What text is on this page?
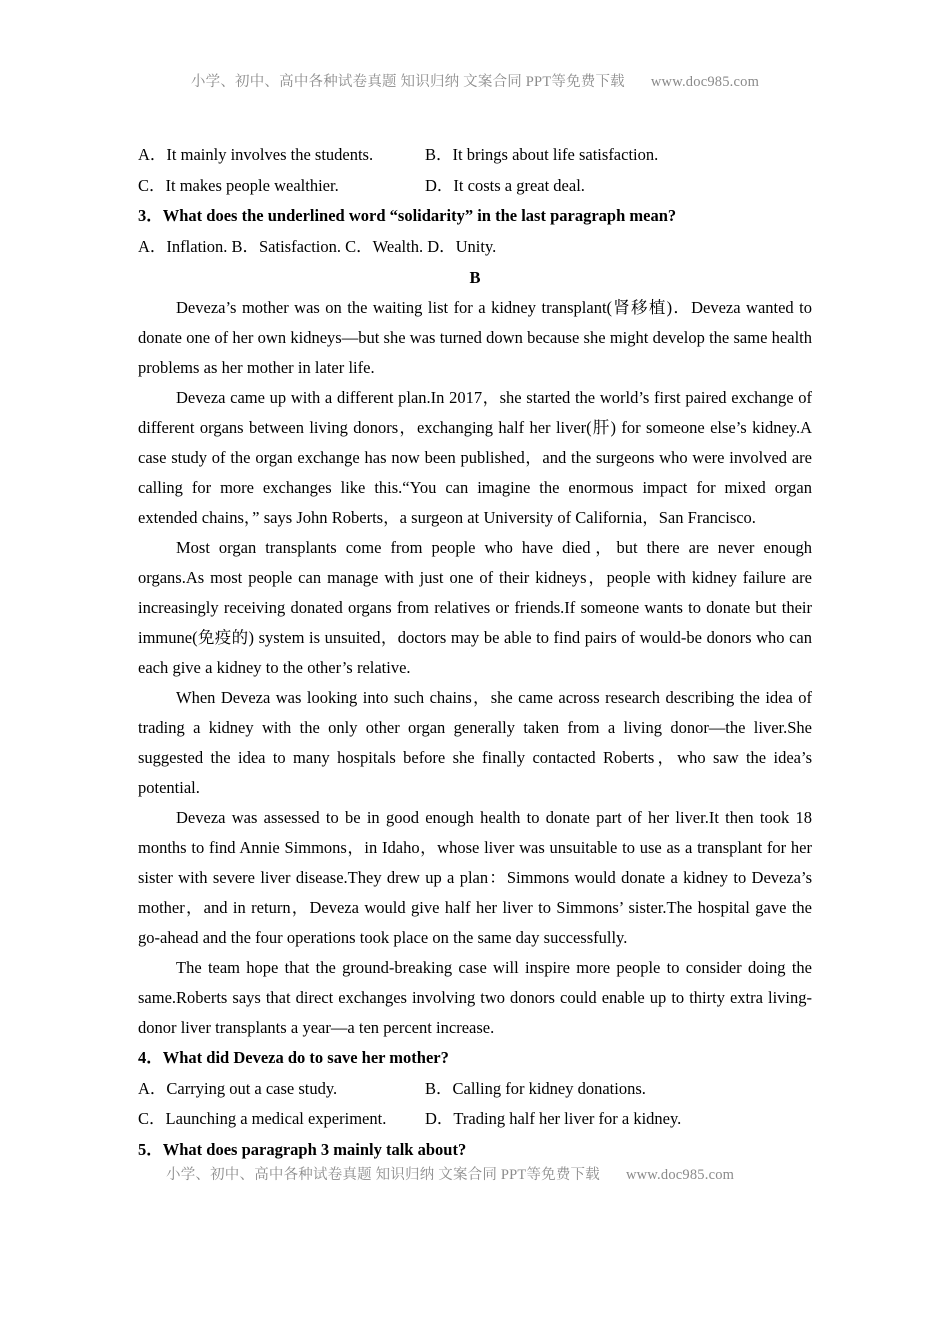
小学、初中、高中各种试卷真题 知识归纳 文案合同 PPT等免费下载 www.doc985.com
A．It mainly involves the students.	B．It brings about life satisfaction.
C．It makes people wealthier.	D．It costs a great deal.
3．What does the underlined word “solidarity” in the last paragraph mean?
A．Inflation. B．Satisfaction. C．Wealth. D．Unity.
B

Deveza’s mother was on the waiting list for a kidney transplant(肾移植)．Deveza wanted to donate one of her own kidneys—but she was turned down because she might develop the same health problems as her mother in later life.

Deveza came up with a different plan.In 2017，she started the world’s first paired exchange of different organs between living donors，exchanging half her liver(肝) for someone else’s kidney.A case study of the organ exchange has now been published，and the surgeons who were involved are calling for more exchanges like this.“You can imagine the enormous impact for mixed organ extended chains，” says John Roberts，a surgeon at University of California，San Francisco.

Most organ transplants come from people who have died，but there are never enough organs.As most people can manage with just one of their kidneys，people with kidney failure are increasingly receiving donated organs from relatives or friends.If someone wants to donate but their immune(免疫的) system is unsuited，doctors may be able to find pairs of would-be donors who can each give a kidney to the other’s relative.

When Deveza was looking into such chains，she came across research describing the idea of trading a kidney with the only other organ generally taken from a living donor—the liver.She suggested the idea to many hospitals before she finally contacted Roberts，who saw the idea’s potential.

Deveza was assessed to be in good enough health to donate part of her liver.It then took 18 months to find Annie Simmons，in Idaho，whose liver was unsuitable to use as a transplant for her sister with severe liver disease.They drew up a plan：Simmons would donate a kidney to Deveza’s mother，and in return，Deveza would give half her liver to Simmons’ sister.The hospital gave the go-ahead and the four operations took place on the same day successfully.

The team hope that the ground-breaking case will inspire more people to consider doing the same.Roberts says that direct exchanges involving two donors could enable up to thirty extra living-donor liver transplants a year—a ten percent increase.

4．What did Deveza do to save her mother?
A．Carrying out a case study.	B．Calling for kidney donations.
C．Launching a medical experiment.	D．Trading half her liver for a kidney.
5．What does paragraph 3 mainly talk about?
小学、初中、高中各种试卷真题 知识归纳 文案合同 PPT等免费下载 www.doc985.com
